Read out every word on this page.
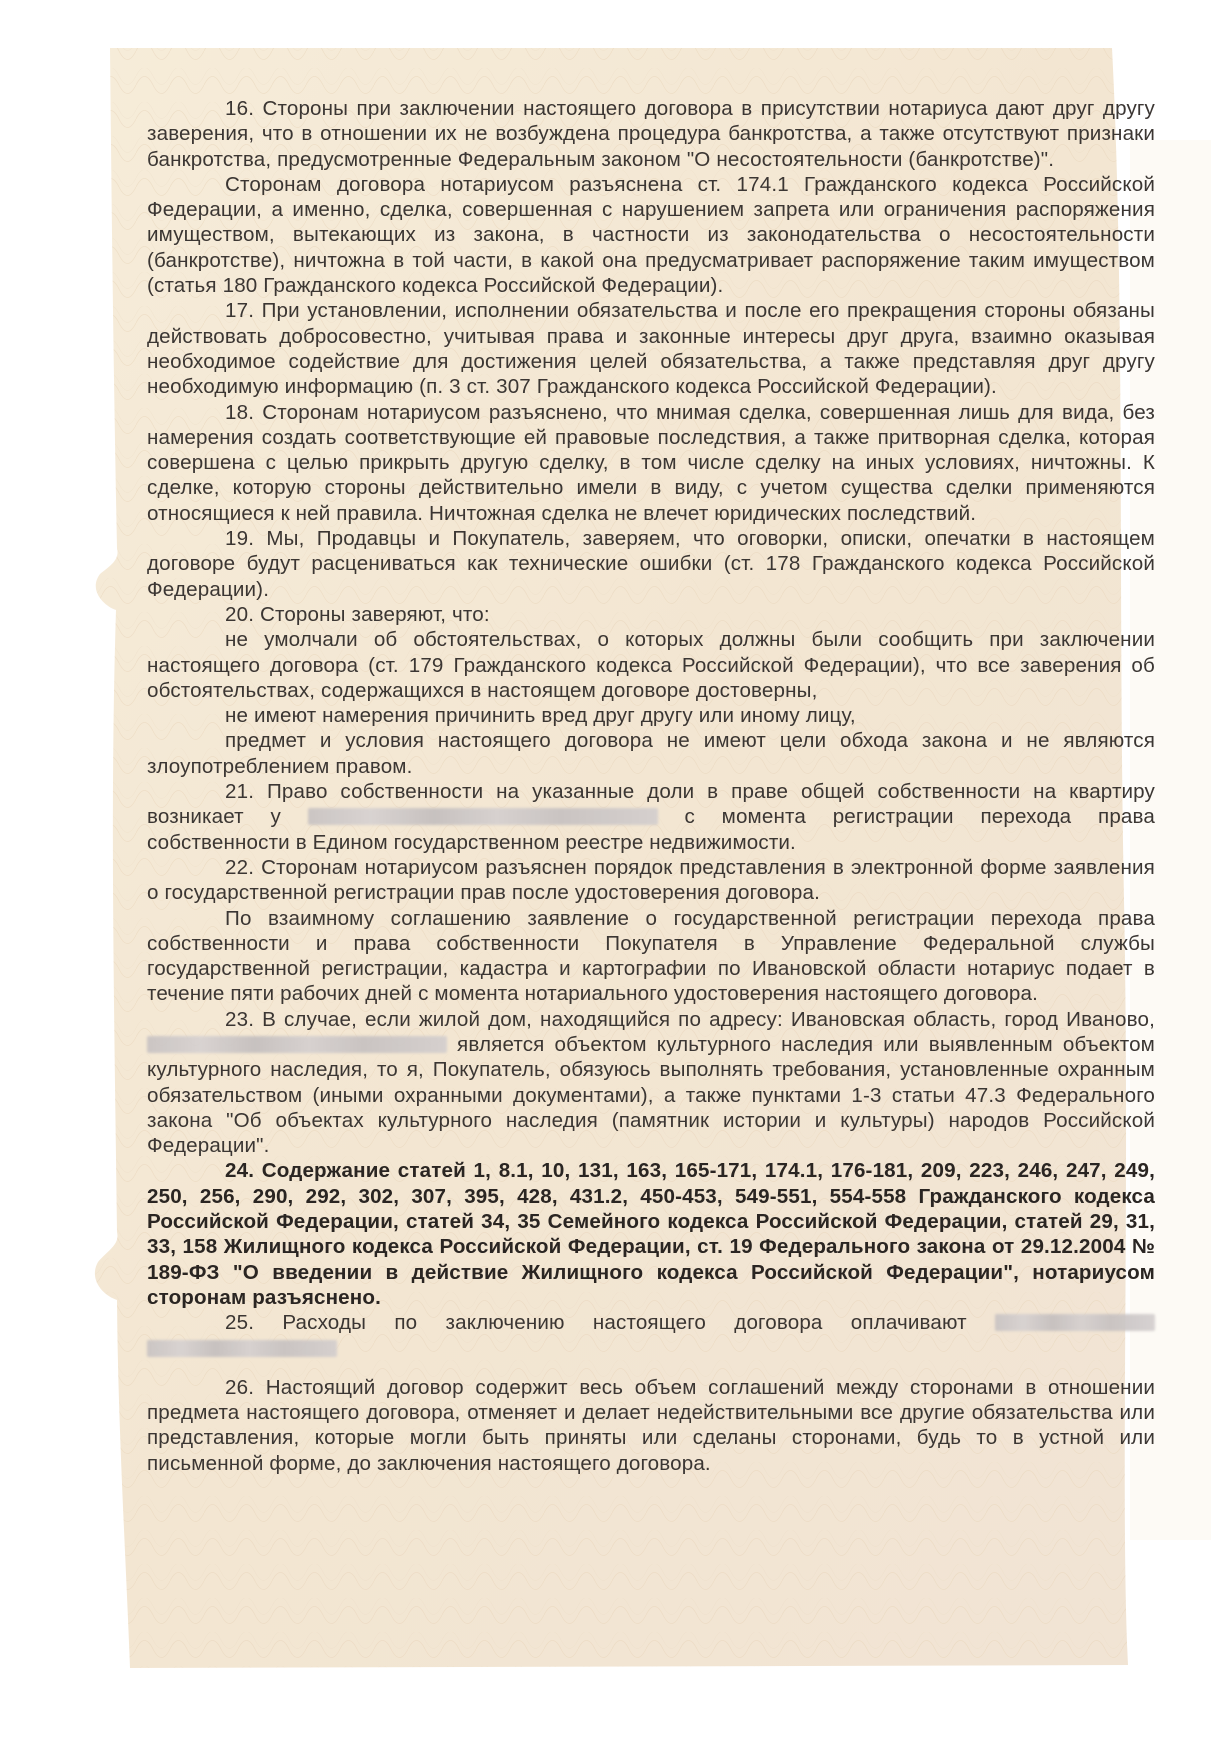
16. Стороны при заключении настоящего договора в присутствии нотариуса дают друг другу заверения, что в отношении их не возбуждена процедура банкротства, а также отсутствуют признаки банкротства, предусмотренные Федеральным законом "О несостоятельности (банкротстве)".

Сторонам договора нотариусом разъяснена ст. 174.1 Гражданского кодекса Российской Федерации, а именно, сделка, совершенная с нарушением запрета или ограничения распоряжения имуществом, вытекающих из закона, в частности из законодательства о несостоятельности (банкротстве), ничтожна в той части, в какой она предусматривает распоряжение таким имуществом (статья 180 Гражданского кодекса Российской Федерации).

17. При установлении, исполнении обязательства и после его прекращения стороны обязаны действовать добросовестно, учитывая права и законные интересы друг друга, взаимно оказывая необходимое содействие для достижения целей обязательства, а также представляя друг другу необходимую информацию (п. 3 ст. 307 Гражданского кодекса Российской Федерации).

18. Сторонам нотариусом разъяснено, что мнимая сделка, совершенная лишь для вида, без намерения создать соответствующие ей правовые последствия, а также притворная сделка, которая совершена с целью прикрыть другую сделку, в том числе сделку на иных условиях, ничтожны. К сделке, которую стороны действительно имели в виду, с учетом существа сделки применяются относящиеся к ней правила. Ничтожная сделка не влечет юридических последствий.

19. Мы, Продавцы и Покупатель, заверяем, что оговорки, описки, опечатки в настоящем договоре будут расцениваться как технические ошибки (ст. 178 Гражданского кодекса Российской Федерации).

20. Стороны заверяют, что:

не умолчали об обстоятельствах, о которых должны были сообщить при заключении настоящего договора (ст. 179 Гражданского кодекса Российской Федерации), что все заверения об обстоятельствах, содержащихся в настоящем договоре достоверны,

не имеют намерения причинить вред друг другу или иному лицу,

предмет и условия настоящего договора не имеют цели обхода закона и не являются злоупотреблением правом.

21. Право собственности на указанные доли в праве общей собственности на квартиру возникает у	с момента регистрации перехода права собственности в Едином государственном реестре недвижимости.

22. Сторонам нотариусом разъяснен порядок представления в электронной форме заявления о государственной регистрации прав после удостоверения договора.

По взаимному соглашению заявление о государственной регистрации перехода права собственности и права собственности Покупателя в Управление Федеральной службы государственной регистрации, кадастра и картографии по Ивановской области нотариус подает в течение пяти рабочих дней с момента нотариального удостоверения настоящего договора.

23. В случае, если жилой дом, находящийся по адресу: Ивановская область, город Иваново,  является объектом культурного наследия или выявленным объектом культурного наследия, то я, Покупатель, обязуюсь выполнять требования, установленные охранным обязательством (иными охранными документами), а также пунктами 1-3 статьи 47.3 Федерального закона "Об объектах культурного наследия (памятник истории и культуры) народов Российской Федерации".

24. Содержание статей 1, 8.1, 10, 131, 163, 165-171, 174.1, 176-181, 209, 223, 246, 247, 249, 250, 256, 290, 292, 302, 307, 395, 428, 431.2, 450-453, 549-551, 554-558 Гражданского кодекса Российской Федерации, статей 34, 35 Семейного кодекса Российской Федерации, статей 29, 31, 33, 158 Жилищного кодекса Российской Федерации, ст. 19 Федерального закона от 29.12.2004 № 189-ФЗ "О введении в действие Жилищного кодекса Российской Федерации", нотариусом сторонам разъяснено.

25. Расходы по заключению настоящего договора оплачивают

26. Настоящий договор содержит весь объем соглашений между сторонами в отношении предмета настоящего договора, отменяет и делает недействительными все другие обязательства или представления, которые могли быть приняты или сделаны сторонами, будь то в устной или письменной форме, до заключения настоящего договора.
